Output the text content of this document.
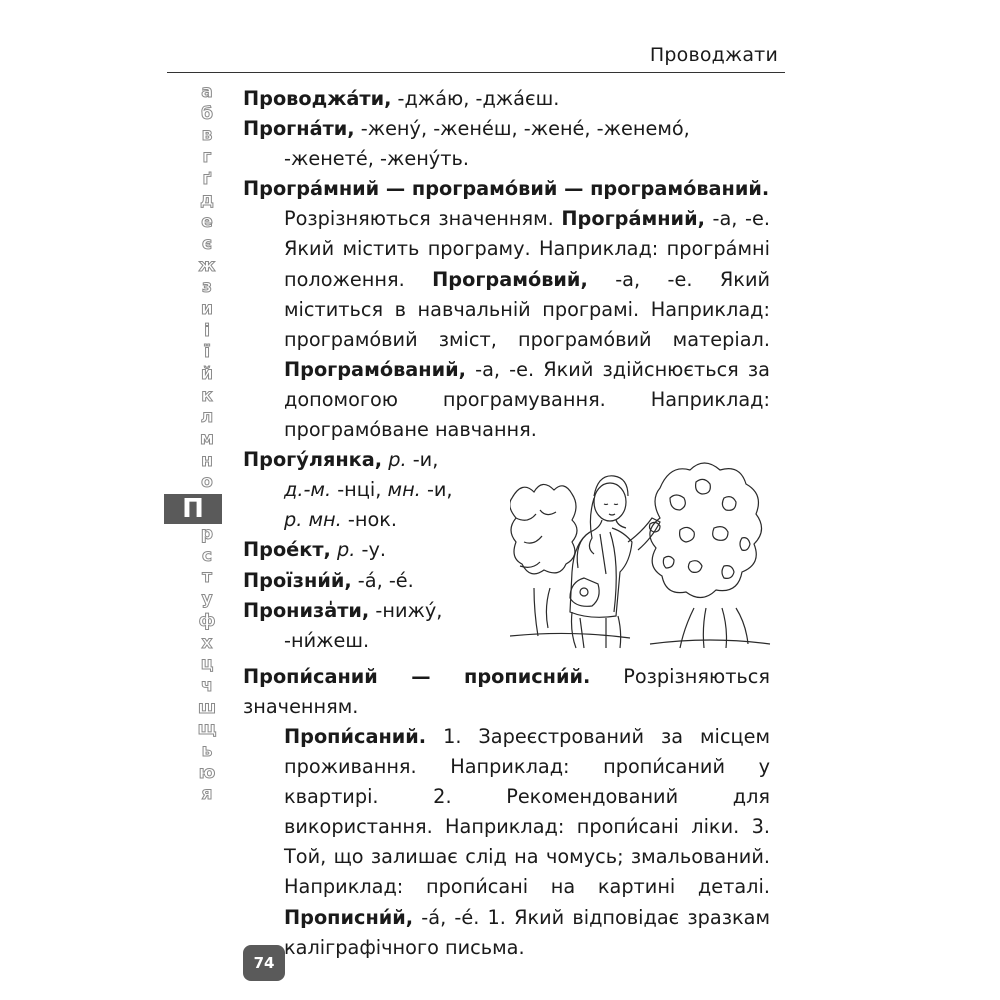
Проводжати
а
б
в
г
ґ
д
е
є
ж
з
и
і
ї
й
к
л
м
н
о
П
р
с
т
у
ф
х
ц
ч
ш
щ
ь
ю
я
74

Проводжа́ти, -джа́ю, -джа́єш.

Прогна́ти, -жену́, -жене́ш, -жене́, -женемо́,
-женете́, -жену́ть.

Програ́мний — програмо́вий — програмо́ваний.

Розрізняються значенням. Програ́мний, -а, -е. Який містить програму. Наприклад: програ́мні положення. Програмо́вий, -а, -е. Який міститься в навчальній програмі. Наприклад: програмо́вий зміст, програмо́вий матеріал. Програмо́ваний, -а, -е. Який здійснюється за допомогою програмування. Наприклад: програмо́ване навчання.

Прогу́лянка, р. -и,
д.-м. -нці, мн. -и,
р. мн. -нок.

Прое́кт, р. -у.

Проїзни́й, -а́, -е́.

Пронизa̍ти, -нижу́,
-ни́жеш.

Пропи́саний — прописни́й. Розрізняються значенням.
Пропи́саний. 1. Зареєстрований за місцем проживання. Наприклад: пропи́саний у квартирі. 2. Рекомендований для використання. Наприклад: пропи́сані ліки. 3. Той, що залишає слід на чомусь; змальований. Наприклад: пропи́сані на картині деталі. Прописни́й, -а́, -е́. 1. Який відповідає зразкам каліграфічного письма.
